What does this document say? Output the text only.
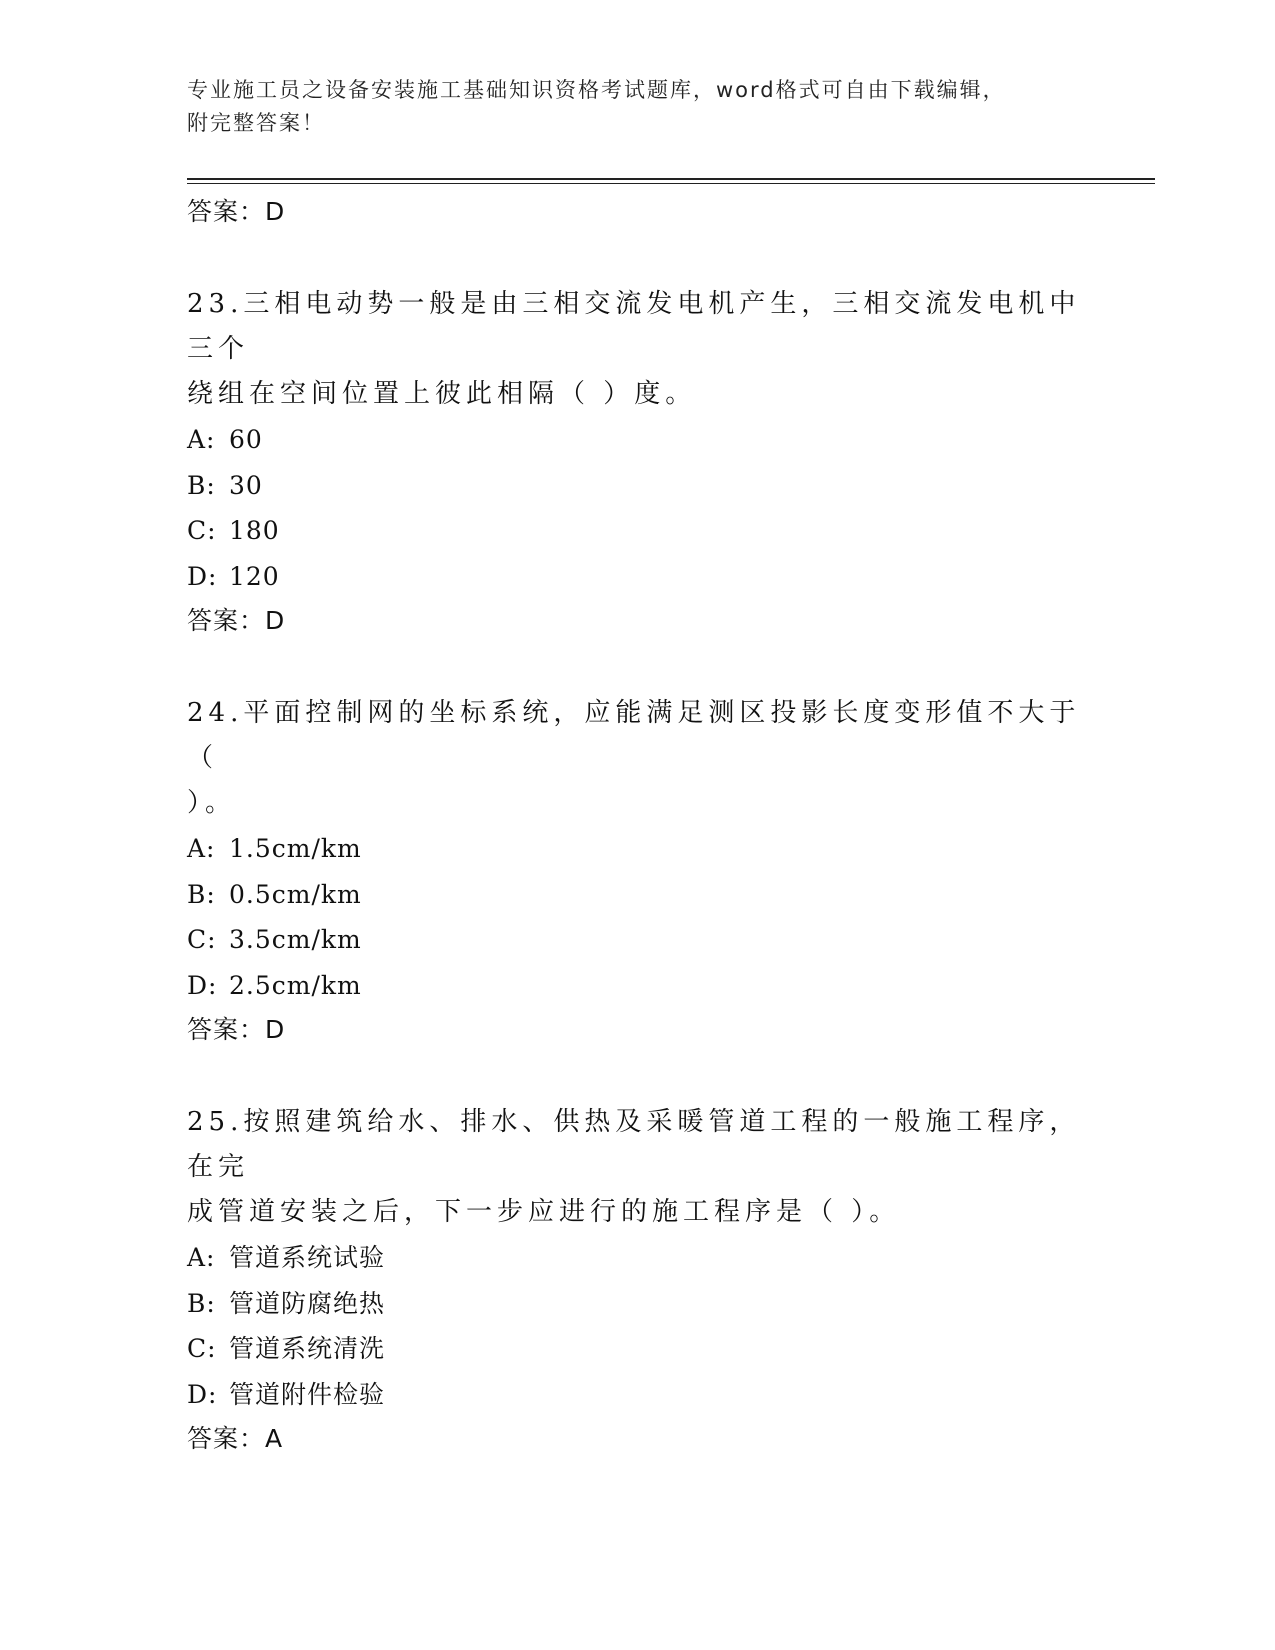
专业施工员之设备安装施工基础知识资格考试题库，word格式可自由下载编辑，
附完整答案！
答案：D
23.三相电动势一般是由三相交流发电机产生，三相交流发电机中三个
绕组在空间位置上彼此相隔（ ）度。
A: 60
B: 30
C: 180
D: 120
答案：D
24.平面控制网的坐标系统，应能满足测区投影长度变形值不大于（
）。
A: 1.5cm/km
B: 0.5cm/km
C: 3.5cm/km
D: 2.5cm/km
答案：D
25.按照建筑给水、排水、供热及采暖管道工程的一般施工程序，在完
成管道安装之后，下一步应进行的施工程序是（ ）。
A: 管道系统试验
B: 管道防腐绝热
C: 管道系统清洗
D: 管道附件检验
答案：A
